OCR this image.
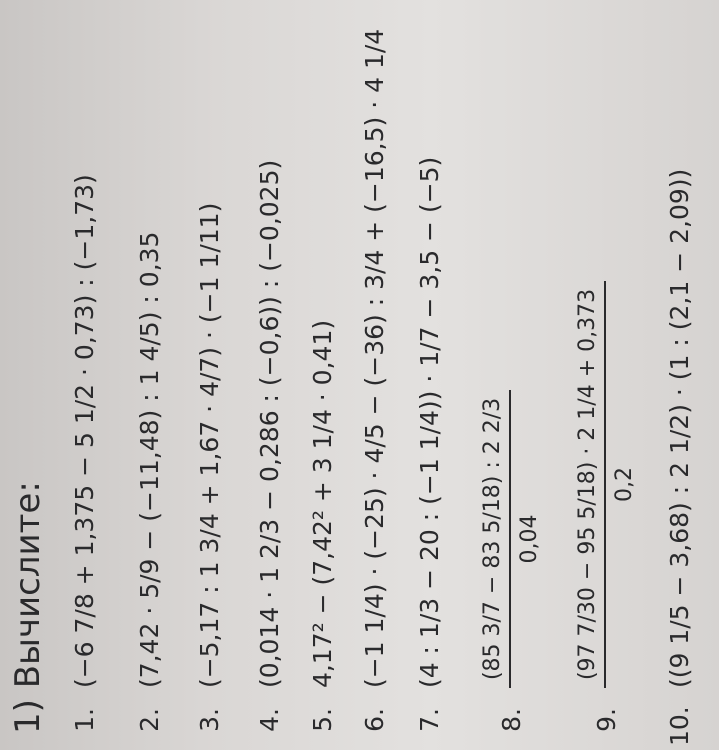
1) Вычислите:
1. (−6 7/8 + 1,375 − 5 1/2 · 0,73) : (−1,73)
2. (7,42 · 5/9 − (−11,48) : 1 4/5) : 0,35
3. (−5,17 : 1 3/4 + 1,67 · 4/7) · (−1 1/11)
4. (0,014 · 1 2/3 − 0,286 : (−0,6)) : (−0,025)
5. 4,17² − (7,42² + 3 1/4 · 0,41)
6. (−1 1/4) · (−25) · 4/5 − (−36) : 3/4 + (−16,5) · 4 1/4
7. (4 : 1/3 − 20 : (−1 1/4)) · 1/7 − 3,5 − (−5)
8.
(85 3/7 − 83 5/18) : 2 2/3 0,04
9.
(97 7/30 − 95 5/18) · 2 1/4 + 0,373 0,2
10. ((9 1/5 − 3,68) : 2 1/2) · (1 : (2,1 − 2,09))
